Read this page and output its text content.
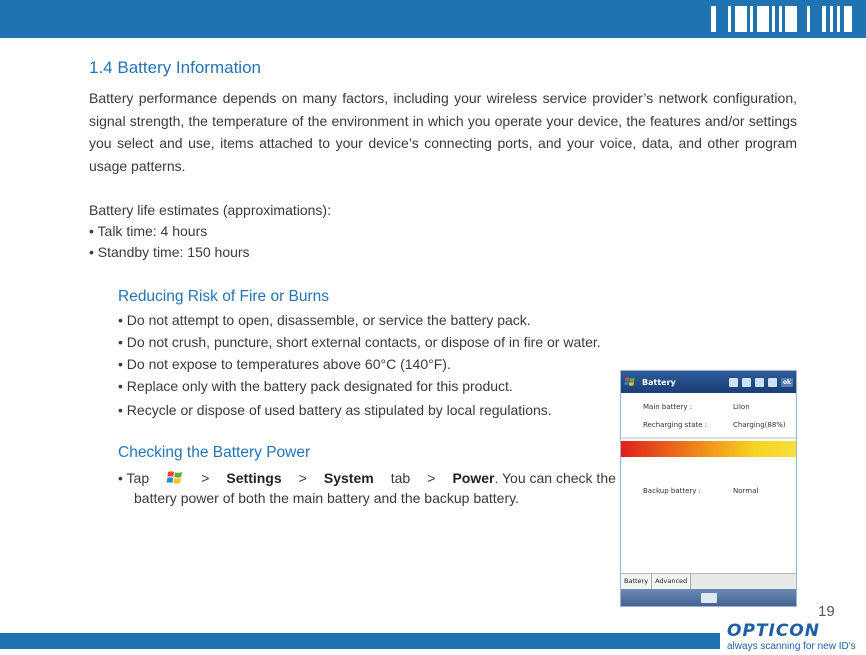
1.4 Battery Information
Battery performance depends on many factors, including your wireless service provider’s network configuration, signal strength, the temperature of the environment in which you operate your device, the features and/or settings you select and use, items attached to your device’s connecting ports, and your voice, data, and other program usage patterns.
Battery life estimates (approximations):
• Talk time: 4 hours
• Standby time: 150 hours
Reducing Risk of Fire or Burns
• Do not attempt to open, disassemble, or service the battery pack.
• Do not crush, puncture, short external contacts, or dispose of in fire or water.
• Do not expose to temperatures above 60°C (140°F).
• Replace only with the battery pack designated for this product.
• Recycle or dispose of used battery as stipulated by local regulations.
Checking the Battery Power
• Tap	> Settings > System tab > Power. You can check the
battery power of both the main battery and the backup battery.
Battery	ok
Main battery :	LiIon
Recharging state :	Charging(88%)
Backup battery :	Normal
Battery	Advanced
19
OPTICON
always scanning for new ID's
